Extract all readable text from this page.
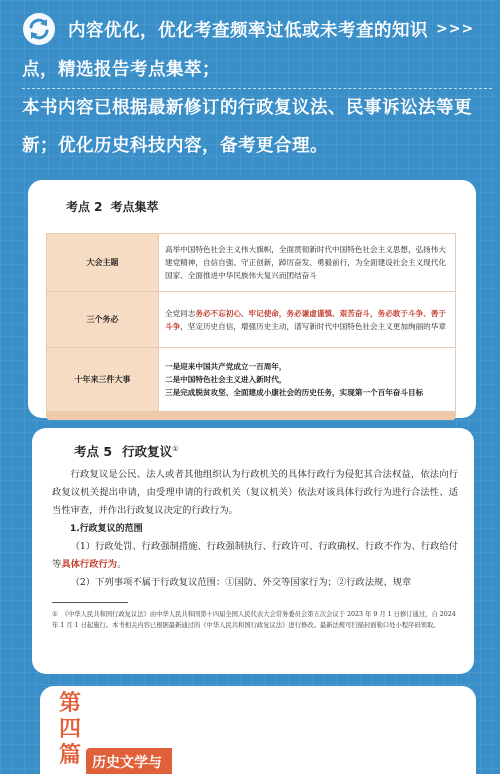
内容优化，优化考查频率过低或未考查的知识 >>>
点，精选报告考点集萃；
本书内容已根据最新修订的行政复议法、民事诉讼法等更
新；优化历史科技内容，备考更合理。
考点 2 考点集萃
大会主题	高举中国特色社会主义伟大旗帜，全面贯彻新时代中国特色社会主义思想，弘扬伟大建党精神，自信自强、守正创新，踔厉奋发、勇毅前行，为全面建设社会主义现代化国家、全面推进中华民族伟大复兴而团结奋斗
三个务必	全党同志务必不忘初心、牢记使命，务必谦虚谨慎、艰苦奋斗，务必敢于斗争、善于斗争，坚定历史自信，增强历史主动，谱写新时代中国特色社会主义更加绚丽的华章
十年来三件大事	一是迎来中国共产党成立一百周年，
二是中国特色社会主义进入新时代，
三是完成脱贫攻坚、全面建成小康社会的历史任务，实现第一个百年奋斗目标
考点 5 行政复议①

行政复议是公民、法人或者其他组织认为行政机关的具体行政行为侵犯其合法权益，依法向行政复议机关提出申请，由受理申请的行政机关（复议机关）依法对该具体行政行为进行合法性、适当性审查，并作出行政复议决定的行政行为。

1.行政复议的范围

（1）行政处罚、行政强制措施、行政强制执行、行政许可、行政确权、行政不作为、行政给付等具体行政行为。

（2）下列事项不属于行政复议范围：①国防、外交等国家行为；②行政法规、规章

① 《中华人民共和国行政复议法》由中华人民共和国第十四届全国人民代表大会常务委员会第五次会议于 2023 年 9 月 1 日修订通过，自 2024 年 1 月 1 日起施行。本书相关内容已根据最新通过的《中华人民共和国行政复议法》进行修改。最新法规可扫描封面勒口处小程序码领取。

第四篇 历史文学与
